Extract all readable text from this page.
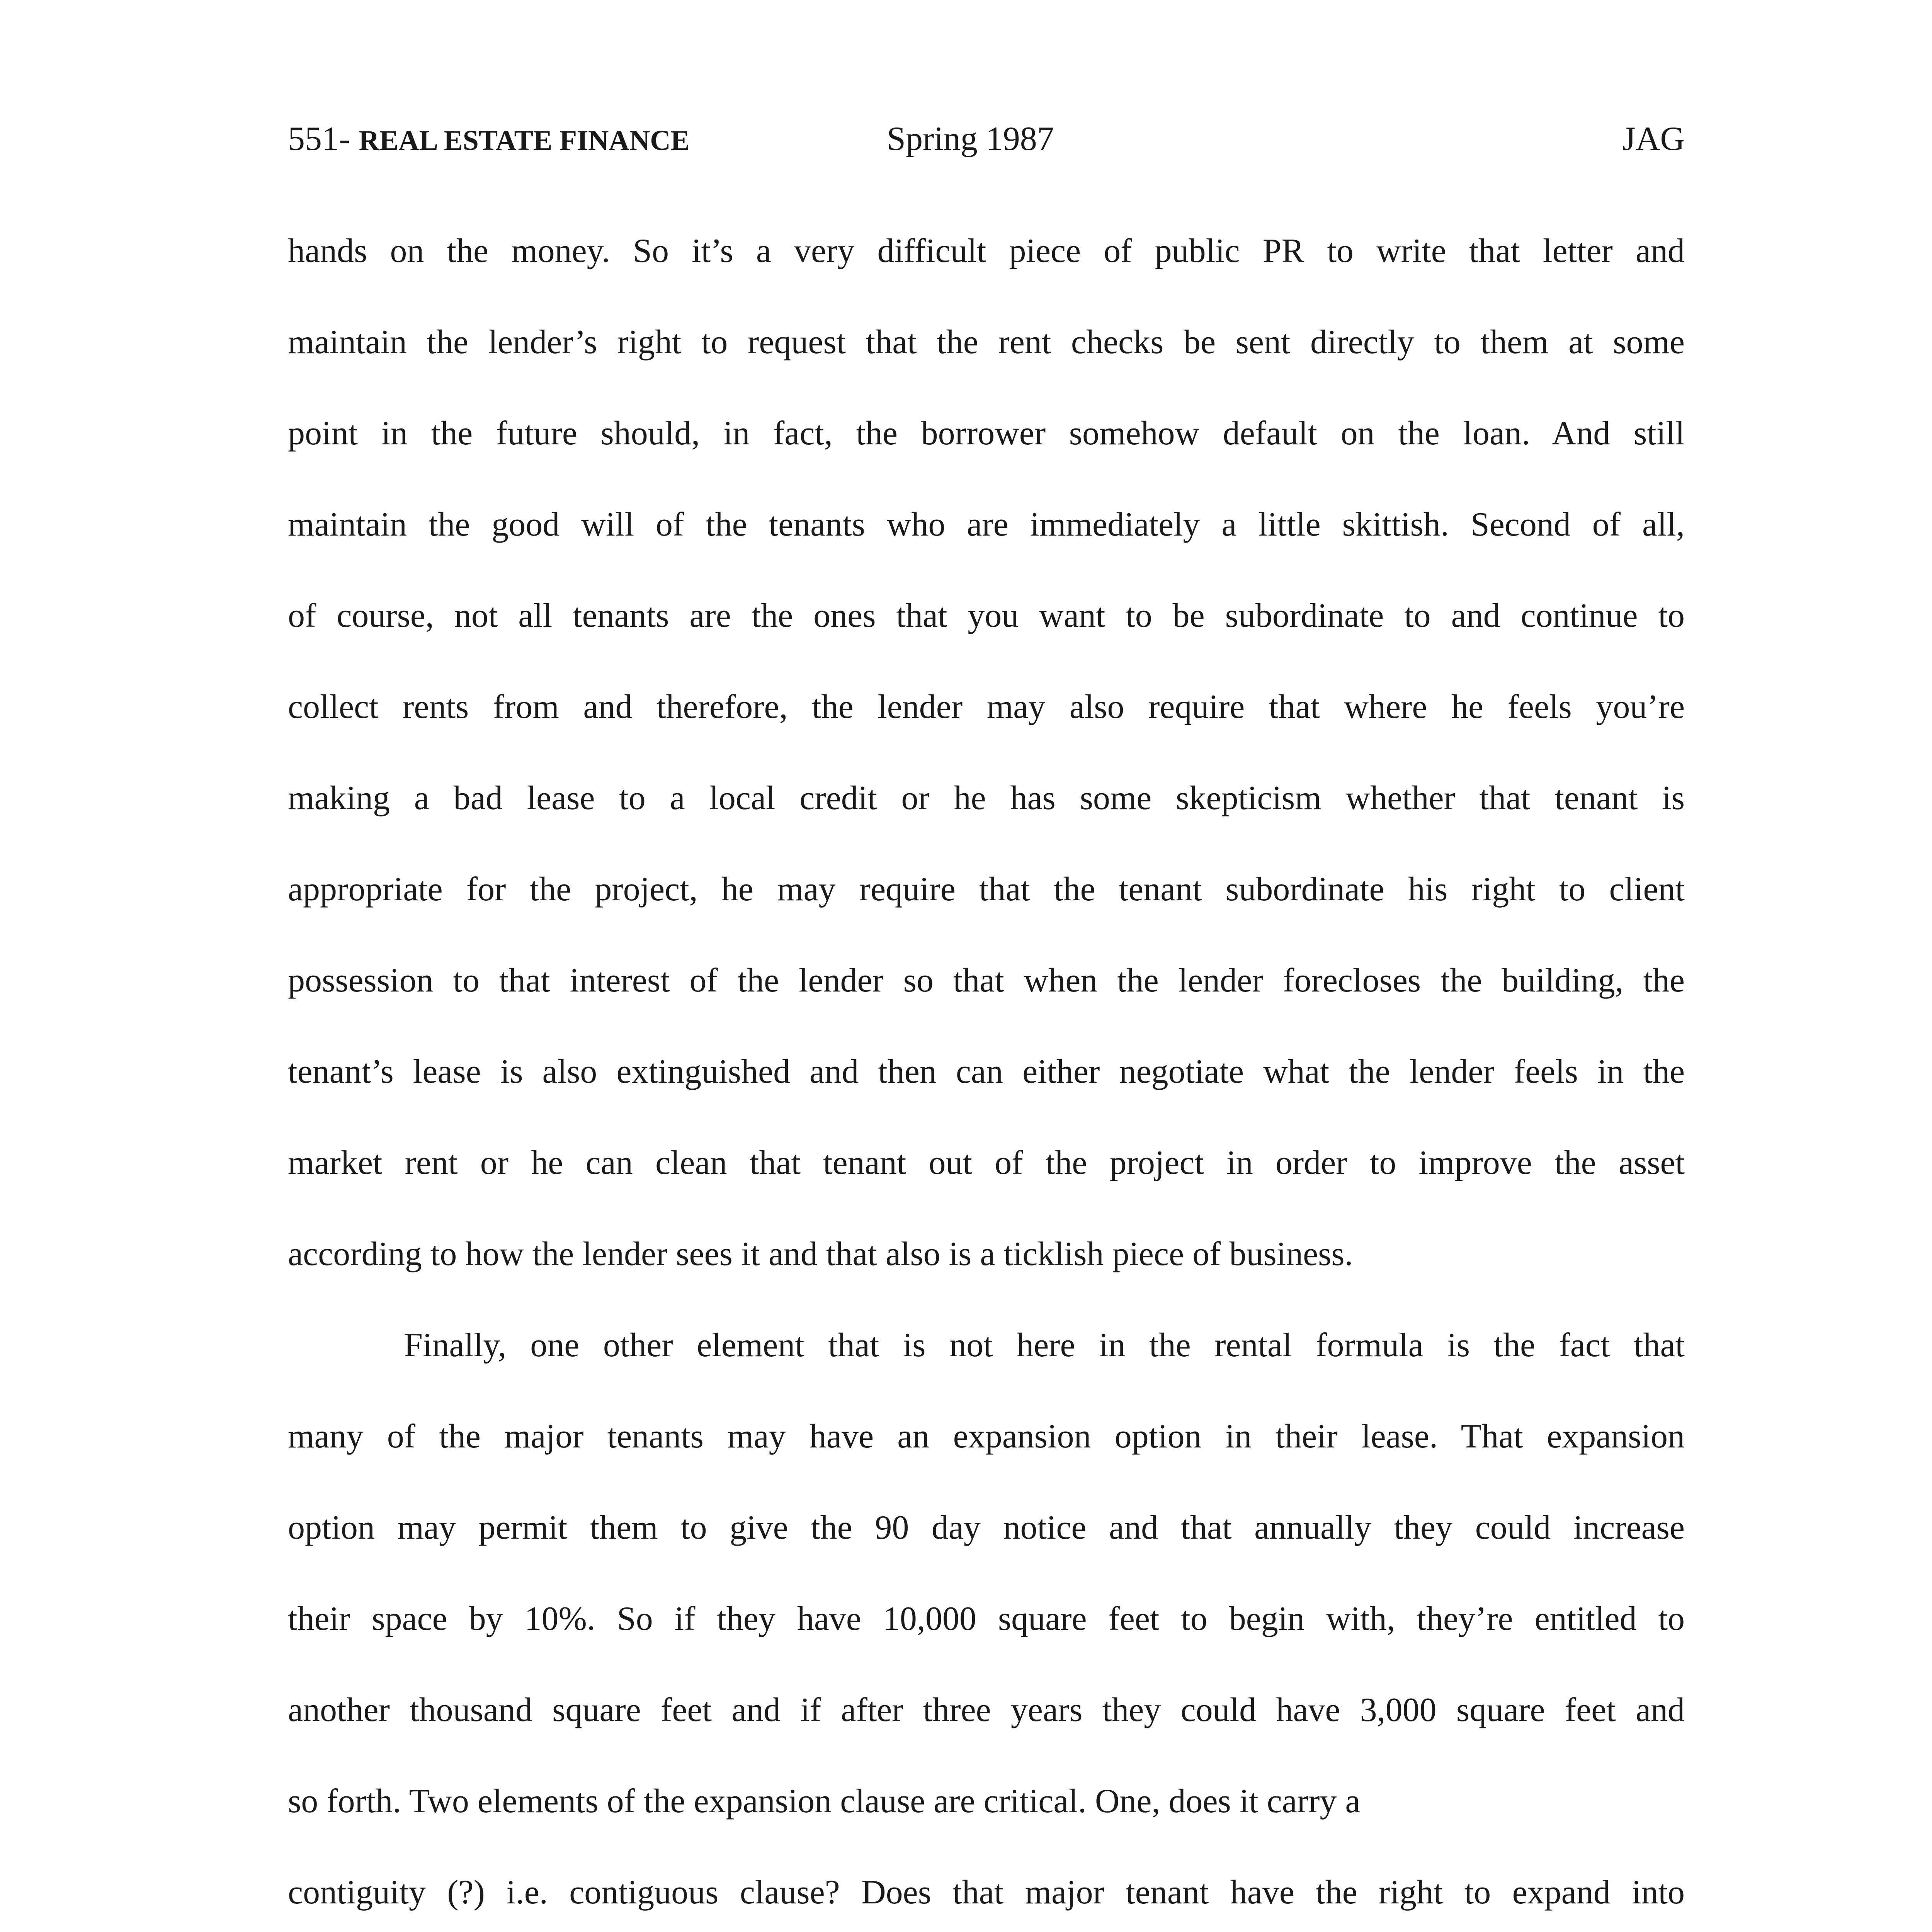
551- REAL ESTATE FINANCE	Spring 1987	JAG
hands on the money. So it’s a very difficult piece of public PR to write that letter and
maintain the lender’s right to request that the rent checks be sent directly to them at some
point in the future should, in fact, the borrower somehow default on the loan. And still
maintain the good will of the tenants who are immediately a little skittish. Second of all,
of course, not all tenants are the ones that you want to be subordinate to and continue to
collect rents from and therefore, the lender may also require that where he feels you’re
making a bad lease to a local credit or he has some skepticism whether that tenant is
appropriate for the project, he may require that the tenant subordinate his right to client
possession to that interest of the lender so that when the lender forecloses the building, the
tenant’s lease is also extinguished and then can either negotiate what the lender feels in the
market rent or he can clean that tenant out of the project in order to improve the asset
according to how the lender sees it and that also is a ticklish piece of business.
Finally, one other element that is not here in the rental formula is the fact that
many of the major tenants may have an expansion option in their lease. That expansion
option may permit them to give the 90 day notice and that annually they could increase
their space by 10%. So if they have 10,000 square feet to begin with, they’re entitled to
another thousand square feet and if after three years they could have 3,000 square feet and
so forth. Two elements of the expansion clause are critical. One, does it carry a
contiguity (?) i.e. contiguous clause? Does that major tenant have the right to expand into
